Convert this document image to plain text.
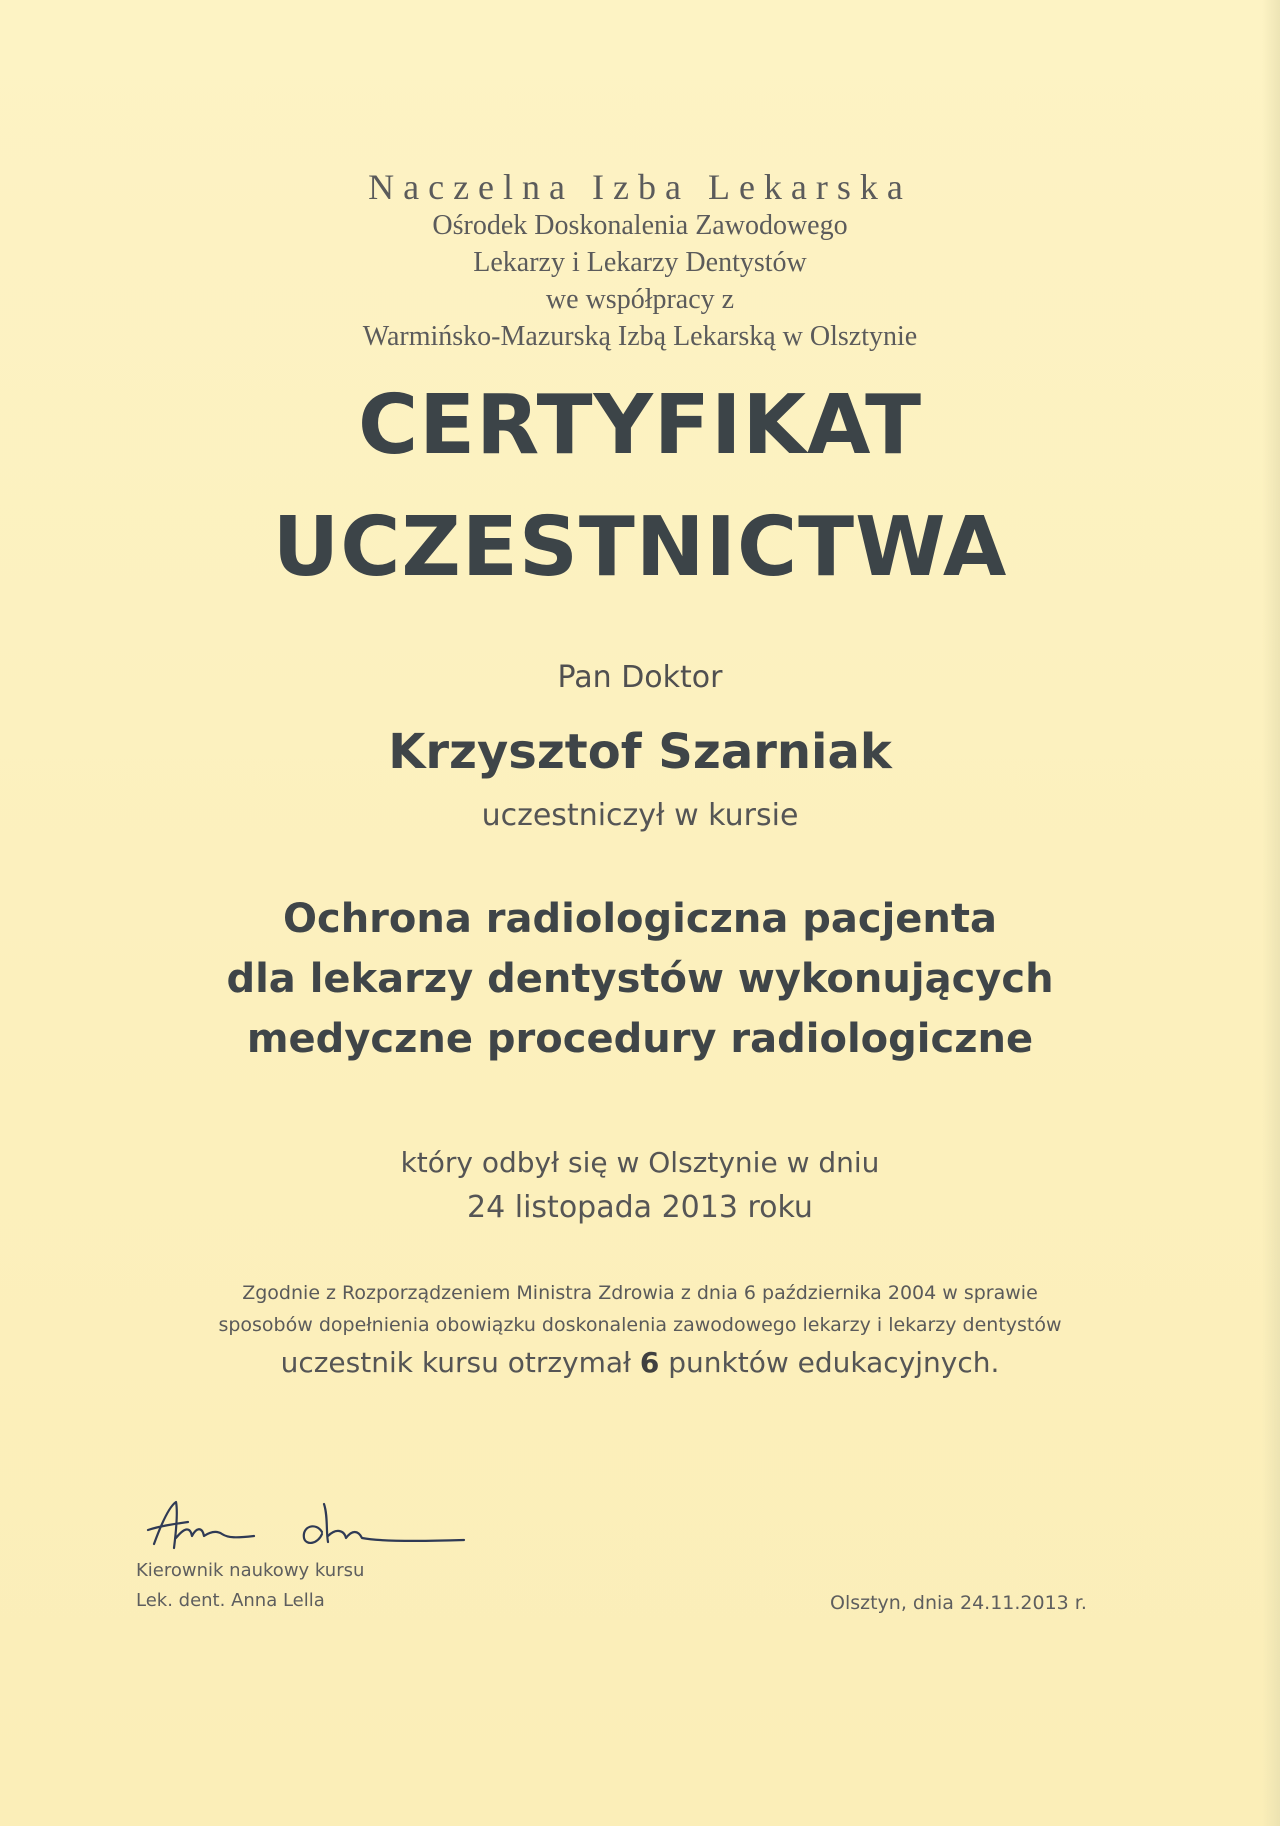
Naczelna Izba Lekarska

Ośrodek Doskonalenia Zawodowego

Lekarzy i Lekarzy Dentystów

we współpracy z

Warmińsko-Mazurską Izbą Lekarską w Olsztynie

CERTYFIKAT
UCZESTNICTWA

Pan Doktor

Krzysztof Szarniak

uczestniczył w kursie

Ochrona radiologiczna pacjenta

dla lekarzy dentystów wykonujących

medyczne procedury radiologiczne

który odbył się w Olsztynie w dniu

24 listopada 2013 roku

Zgodnie z Rozporządzeniem Ministra Zdrowia z dnia 6 października 2004 w sprawie

sposobów dopełnienia obowiązku doskonalenia zawodowego lekarzy i lekarzy dentystów

uczestnik kursu otrzymał 6 punktów edukacyjnych.

Kierownik naukowy kursu

Lek. dent. Anna Lella	Olsztyn, dnia 24.11.2013 r.
